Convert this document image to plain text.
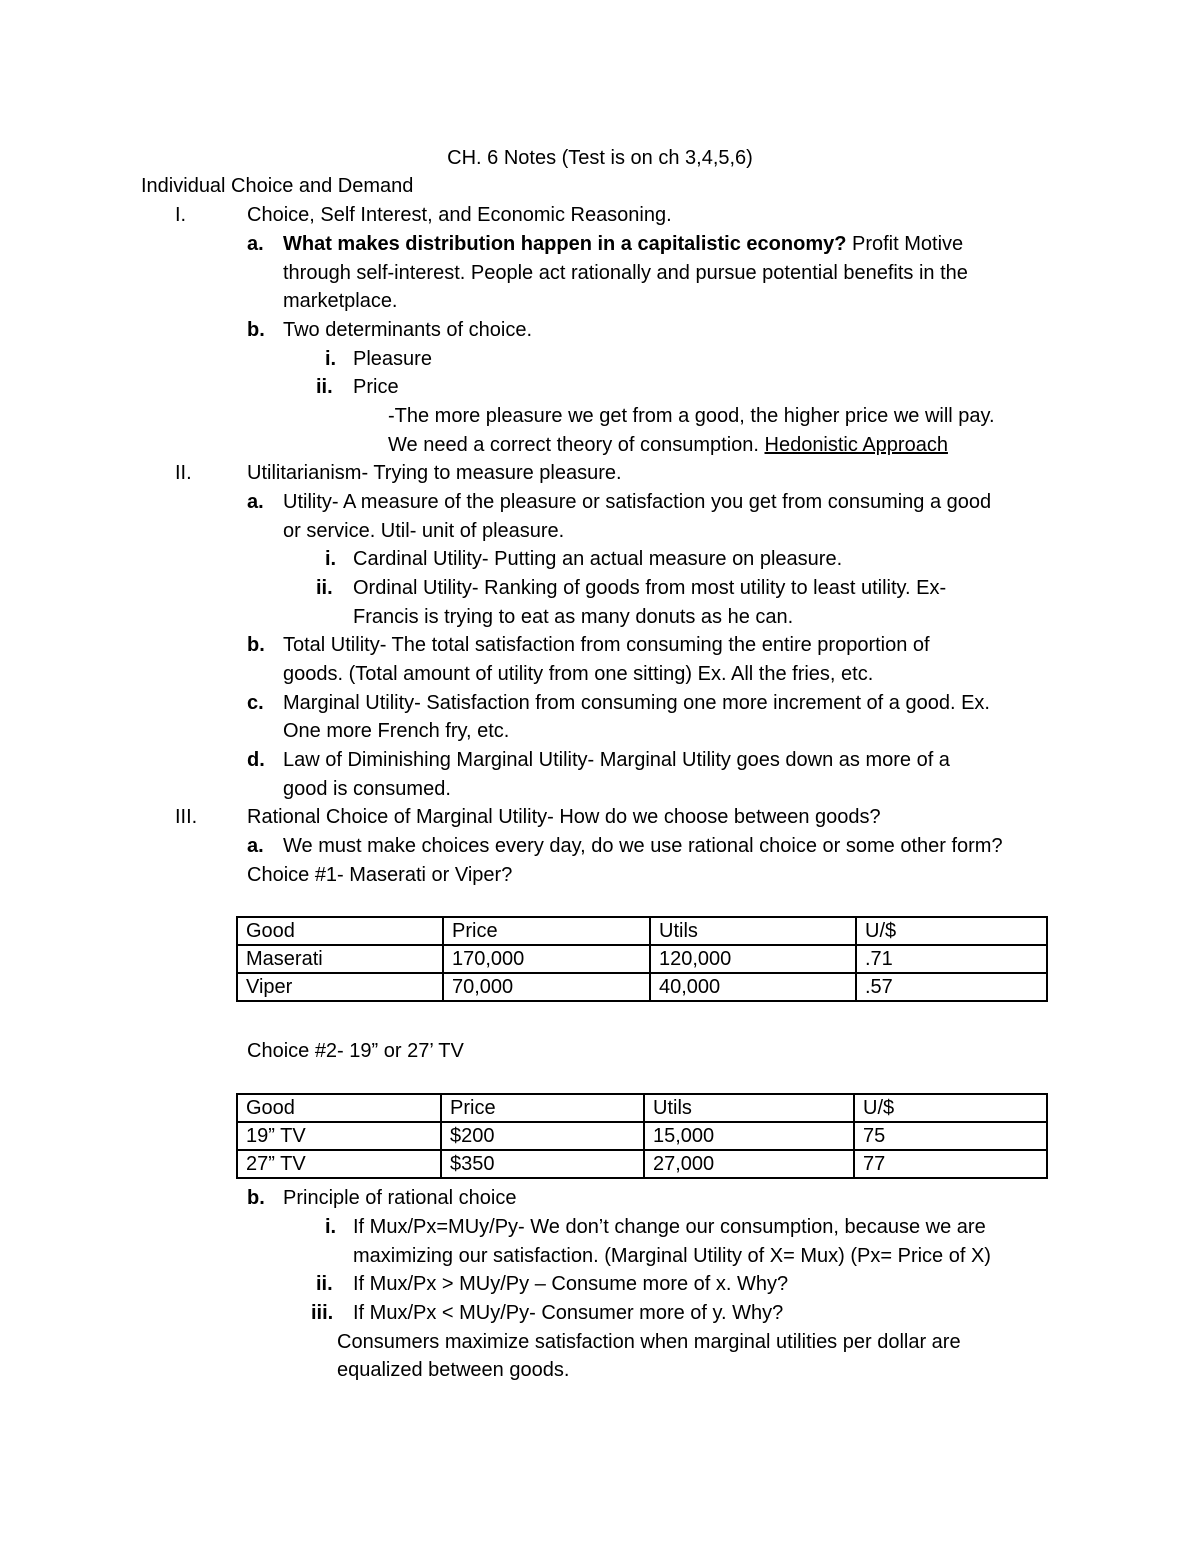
CH. 6 Notes (Test is on ch 3,4,5,6)
Individual Choice and Demand
I.	Choice, Self Interest, and Economic Reasoning.
a. What makes distribution happen in a capitalistic economy? Profit Motive
through self-interest. People act rationally and pursue potential benefits in the
marketplace.
b. Two determinants of choice.
i. Pleasure
ii. Price
-The more pleasure we get from a good, the higher price we will pay.
We need a correct theory of consumption. Hedonistic Approach
II.	Utilitarianism- Trying to measure pleasure.
a. Utility- A measure of the pleasure or satisfaction you get from consuming a good
or service. Util- unit of pleasure.
i. Cardinal Utility- Putting an actual measure on pleasure.
ii. Ordinal Utility- Ranking of goods from most utility to least utility. Ex-
Francis is trying to eat as many donuts as he can.
b. Total Utility- The total satisfaction from consuming the entire proportion of
goods. (Total amount of utility from one sitting) Ex. All the fries, etc.
c. Marginal Utility- Satisfaction from consuming one more increment of a good. Ex.
One more French fry, etc.
d. Law of Diminishing Marginal Utility- Marginal Utility goes down as more of a
good is consumed.
III. Rational Choice of Marginal Utility- How do we choose between goods?
a. We must make choices every day, do we use rational choice or some other form?
Choice #1- Maserati or Viper?
Good	Price	Utils	U/$
Maserati	170,000	120,000	.71
Viper	70,000	40,000	.57
Choice #2- 19” or 27’ TV
Good	Price	Utils	U/$
19” TV	$200	15,000	75
27” TV	$350	27,000	77
b. Principle of rational choice
i. If Mux/Px=MUy/Py- We don’t change our consumption, because we are
maximizing our satisfaction. (Marginal Utility of X= Mux) (Px= Price of X)
ii. If Mux/Px > MUy/Py – Consume more of x. Why?
iii. If Mux/Px < MUy/Py- Consumer more of y. Why?
Consumers maximize satisfaction when marginal utilities per dollar are
equalized between goods.
